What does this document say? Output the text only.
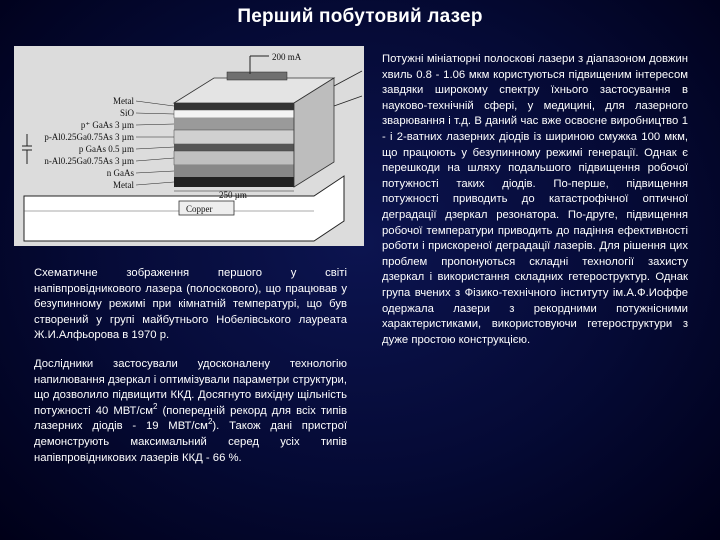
Перший побутовий лазер
Metal
SiO
p⁺ GaAs 3 µm
p-Al0.25Ga0.75As 3 µm
p GaAs 0.5 µm
n-Al0.25Ga0.75As 3 µm
n GaAs
Metal
200 mA
250 µm
Copper

Схематичне зображення першого у світі напівпровідникового лазера (полоскового), що працював у безупинному режимі при кімнатній температурі, що був створений у групі майбутнього Нобелівського лауреата Ж.И.Алфьорова в 1970 р.

Дослідники застосували удосконалену технологію напилювання дзеркал і оптимізували параметри структури, що дозволило підвищити ККД. Досягнуто вихідну щільність потужності 40 МВТ/$см^2$ (попередній рекорд для всіх типів лазерних діодів - 19 МВТ/$см^2$). Також дані пристрої демонструють максимальний серед усіх типів напівпровідникових лазерів ККД - 66 %.

Потужні мініатюрні полоскові лазери з діапазоном довжин хвиль 0.8 - 1.06 мкм користуються підвищеним інтересом завдяки широкому спектру їхнього застосування в науково-технічній сфері, у медицині, для лазерного зварювання і т.д. В даний час вже освоєне виробництво 1 - і 2-ватних лазерних діодів із шириною смужка 100 мкм, що працюють у безупинному режимі генерації. Однак є перешкоди на шляху подальшого підвищення робочої потужності таких діодів. По-перше, підвищення потужності приводить до катастрофічної оптичної деградації дзеркал резонатора. По-друге, підвищення робочої температури приводить до падіння ефективності роботи і прискореної деградації лазерів. Для рішення цих проблем пропонуються складні технології захисту дзеркал і використання складних гетероструктур. Однак група вчених з Фізико-технічного інституту ім.А.Ф.Иоффе одержала лазери з рекордними потужнісними характеристиками, використовуючи гетероструктури з дуже простою конструкцією.
